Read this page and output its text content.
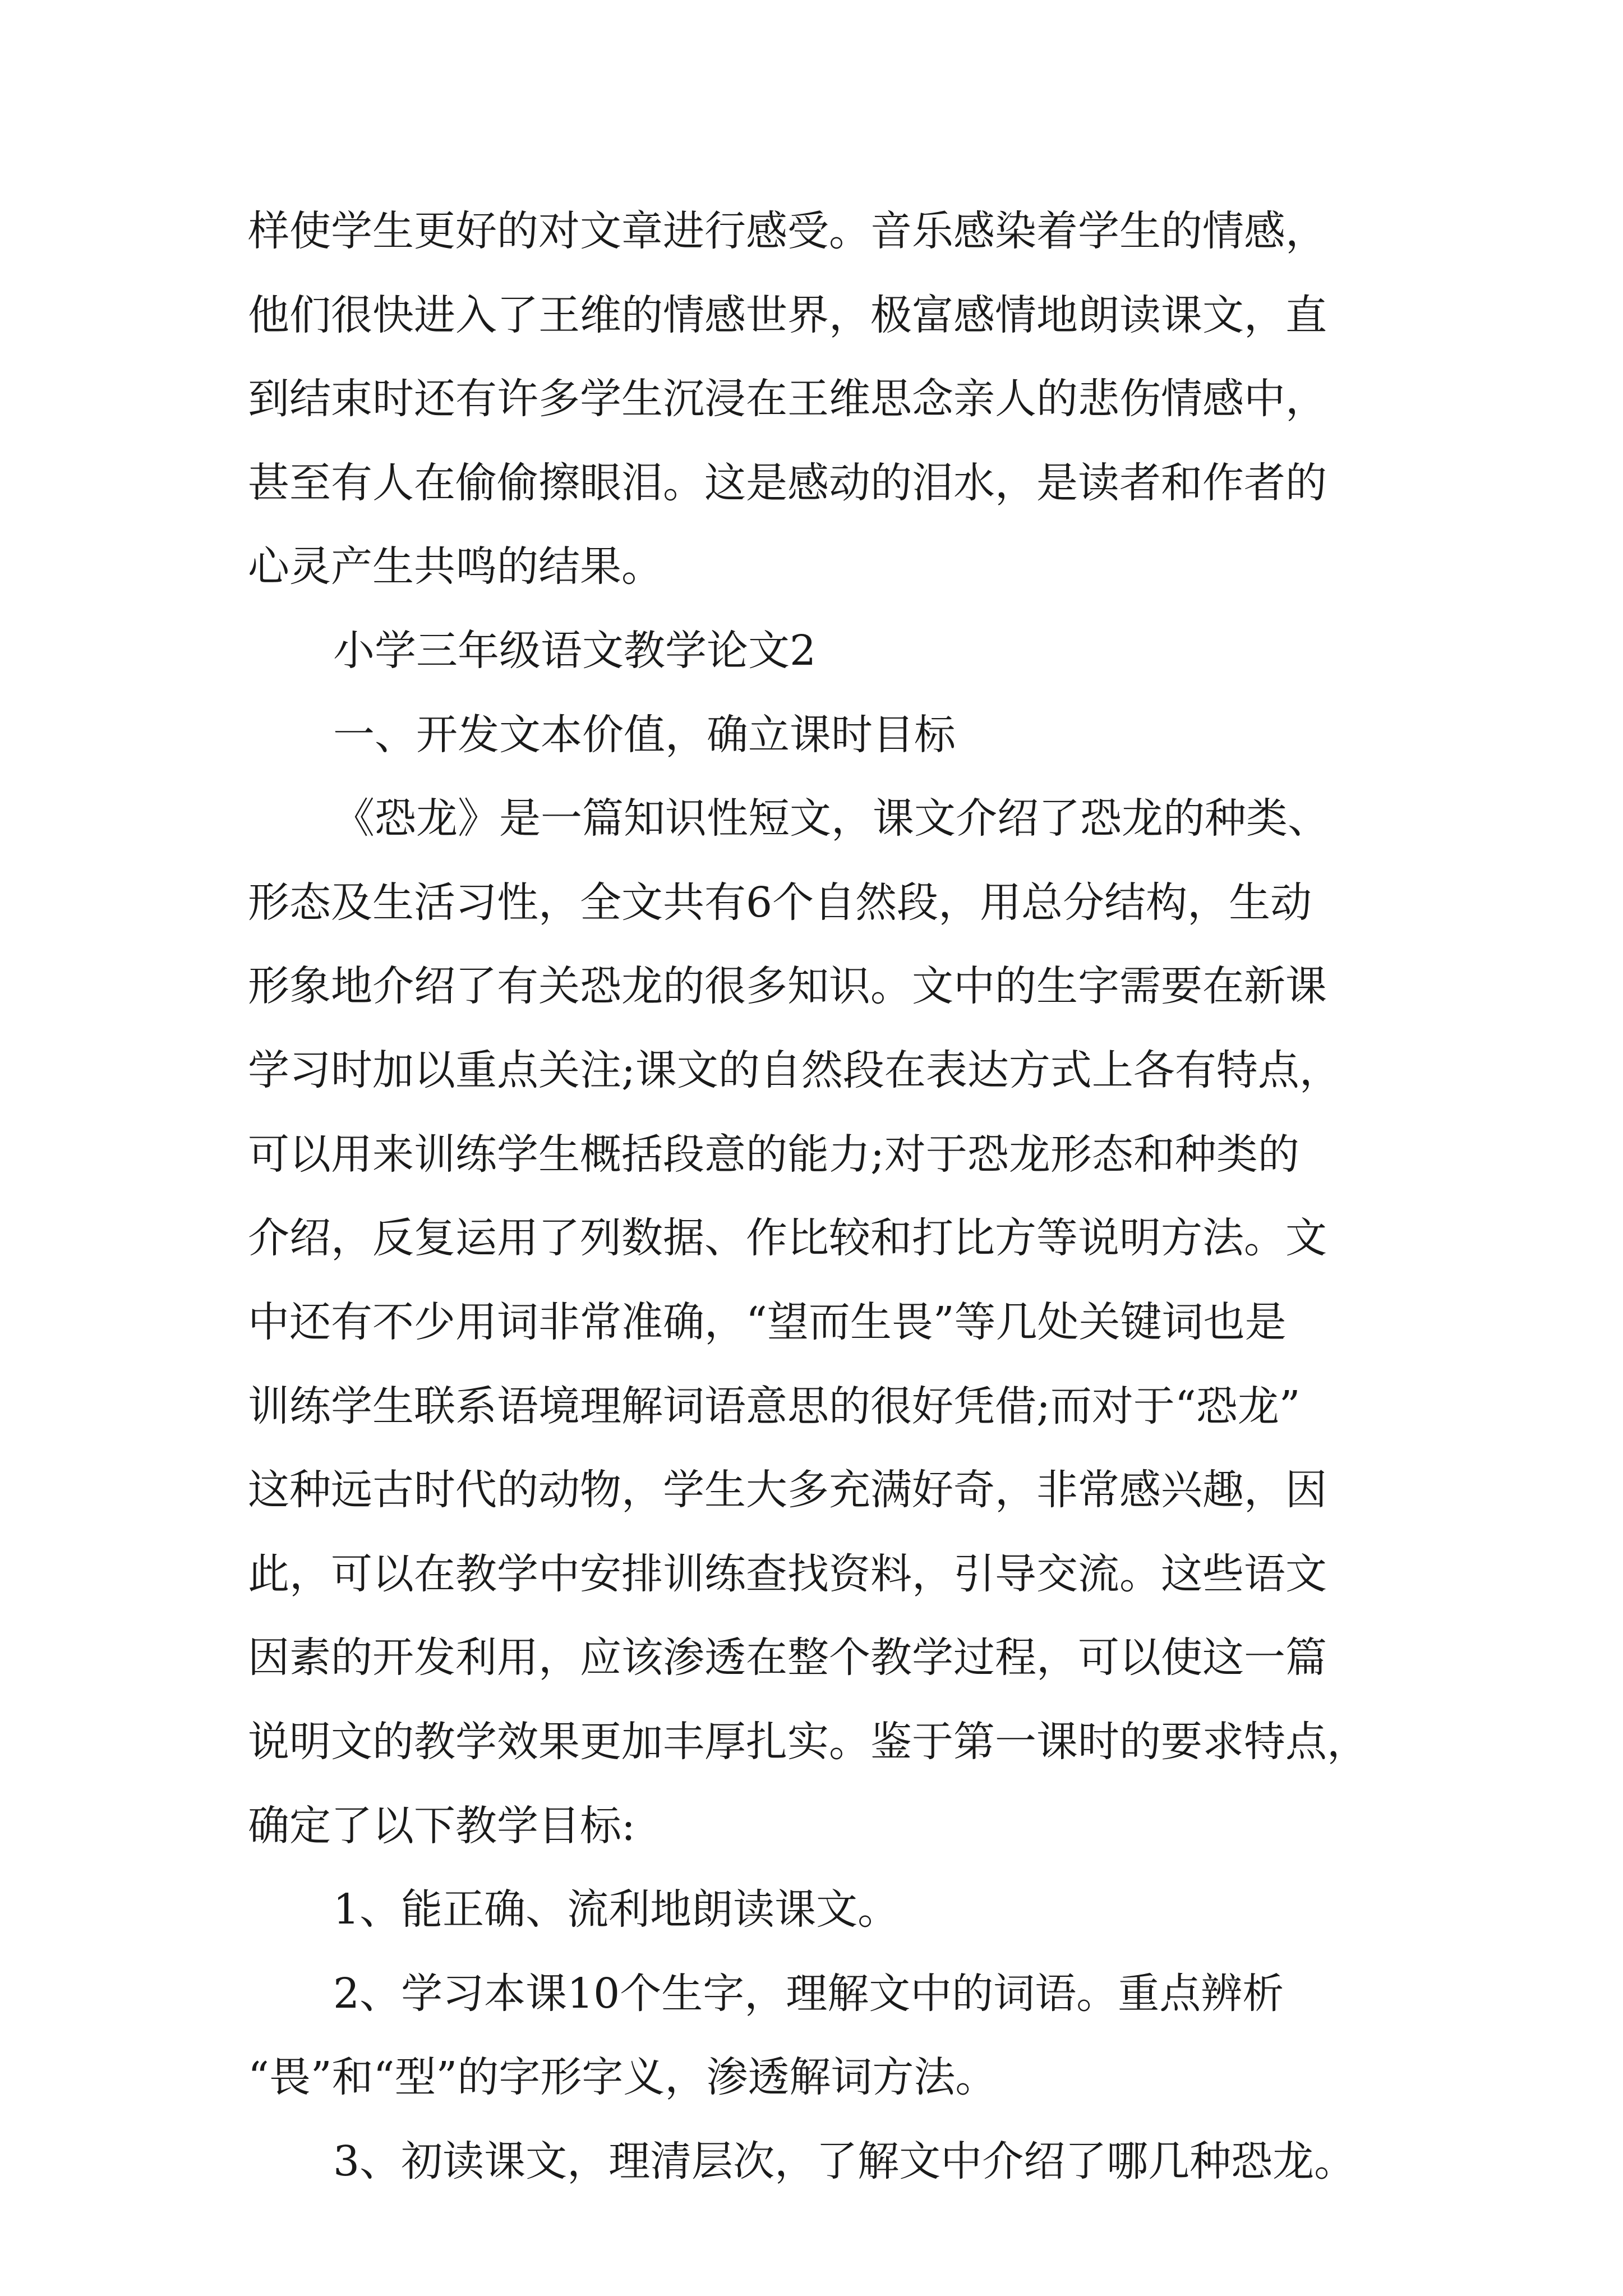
样使学生更好的对文章进行感受。音乐感染着学生的情感，
他们很快进入了王维的情感世界，极富感情地朗读课文，直
到结束时还有许多学生沉浸在王维思念亲人的悲伤情感中，
甚至有人在偷偷擦眼泪。这是感动的泪水，是读者和作者的
心灵产生共鸣的结果。
小学三年级语文教学论文2
一、开发文本价值，确立课时目标
《恐龙》是一篇知识性短文，课文介绍了恐龙的种类、
形态及生活习性，全文共有6个自然段，用总分结构，生动
形象地介绍了有关恐龙的很多知识。文中的生字需要在新课
学习时加以重点关注;课文的自然段在表达方式上各有特点，
可以用来训练学生概括段意的能力;对于恐龙形态和种类的
介绍，反复运用了列数据、作比较和打比方等说明方法。文
中还有不少用词非常准确，“望而生畏”等几处关键词也是
训练学生联系语境理解词语意思的很好凭借;而对于“恐龙”
这种远古时代的动物，学生大多充满好奇，非常感兴趣，因
此，可以在教学中安排训练查找资料，引导交流。这些语文
因素的开发利用，应该渗透在整个教学过程，可以使这一篇
说明文的教学效果更加丰厚扎实。鉴于第一课时的要求特点，
确定了以下教学目标:
1、能正确、流利地朗读课文。
2、学习本课10个生字，理解文中的词语。重点辨析
“畏”和“型”的字形字义，渗透解词方法。
3、初读课文，理清层次，了解文中介绍了哪几种恐龙。
